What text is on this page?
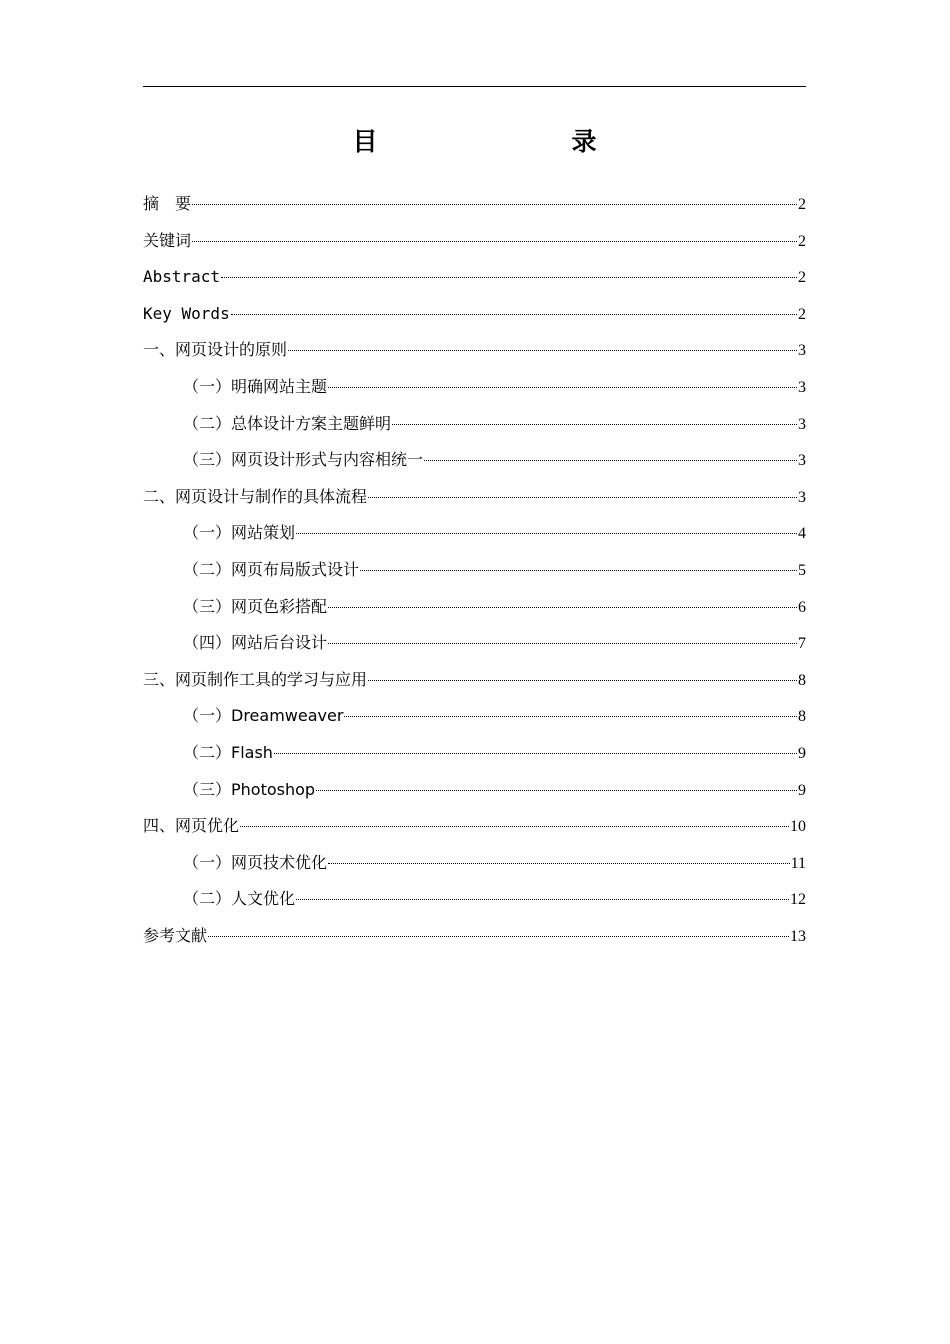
目　　录
摘　要	2
关键词	2
Abstract	2
Key Words	2
一、网页设计的原则	3
（一）明确网站主题	3
（二）总体设计方案主题鲜明	3
（三）网页设计形式与内容相统一	3
二、网页设计与制作的具体流程	3
（一）网站策划	4
（二）网页布局版式设计	5
（三）网页色彩搭配	6
（四）网站后台设计	7
三、网页制作工具的学习与应用	8
（一）Dreamweaver	8
（二）Flash	9
（三）Photoshop	9
四、网页优化	10
（一）网页技术优化	11
（二）人文优化	12
参考文献	13
